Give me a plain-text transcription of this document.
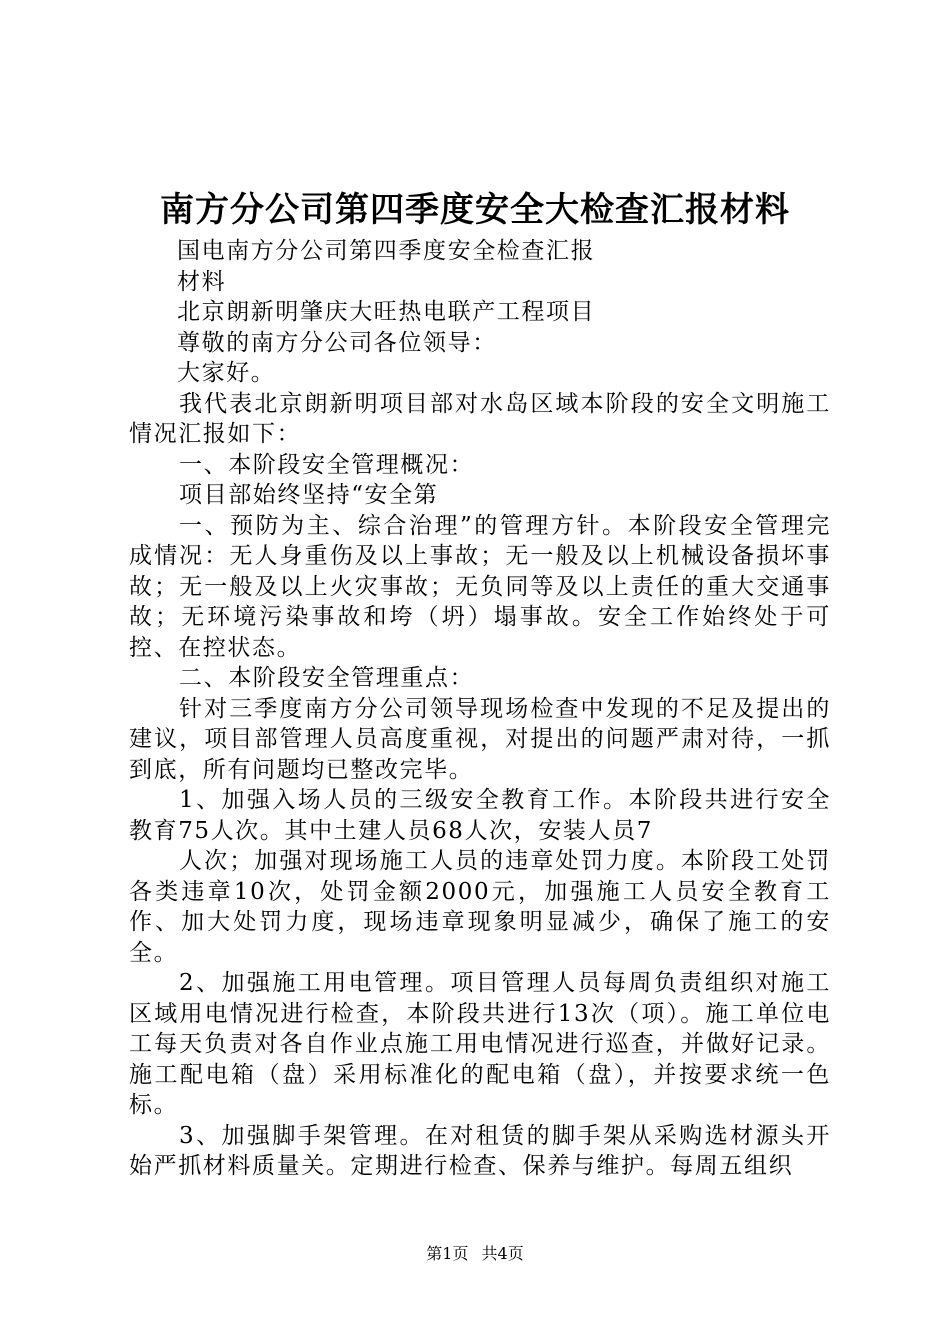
南方分公司第四季度安全大检查汇报材料

国电南方分公司第四季度安全检查汇报

材料

北京朗新明肇庆大旺热电联产工程项目

尊敬的南方分公司各位领导：

大家好。

我代表北京朗新明项目部对水岛区域本阶段的安全文明施工情况汇报如下：

一、本阶段安全管理概况：

项目部始终坚持“安全第

一、预防为主、综合治理”的管理方针。本阶段安全管理完成情况：无人身重伤及以上事故；无一般及以上机械设备损坏事故；无一般及以上火灾事故；无负同等及以上责任的重大交通事故；无环境污染事故和垮（坍）塌事故。安全工作始终处于可控、在控状态。

二、本阶段安全管理重点：

针对三季度南方分公司领导现场检查中发现的不足及提出的建议，项目部管理人员高度重视，对提出的问题严肃对待，一抓到底，所有问题均已整改完毕。

1、加强入场人员的三级安全教育工作。本阶段共进行安全教育75人次。其中土建人员68人次，安装人员7

人次；加强对现场施工人员的违章处罚力度。本阶段工处罚各类违章10次，处罚金额2000元，加强施工人员安全教育工作、加大处罚力度，现场违章现象明显减少，确保了施工的安全。

2、加强施工用电管理。项目管理人员每周负责组织对施工区域用电情况进行检查，本阶段共进行13次（项）。施工单位电工每天负责对各自作业点施工用电情况进行巡查，并做好记录。施工配电箱（盘）采用标准化的配电箱（盘），并按要求统一色标。

3、加强脚手架管理。在对租赁的脚手架从采购选材源头开始严抓材料质量关。定期进行检查、保养与维护。每周五组织

第1页 共4页
